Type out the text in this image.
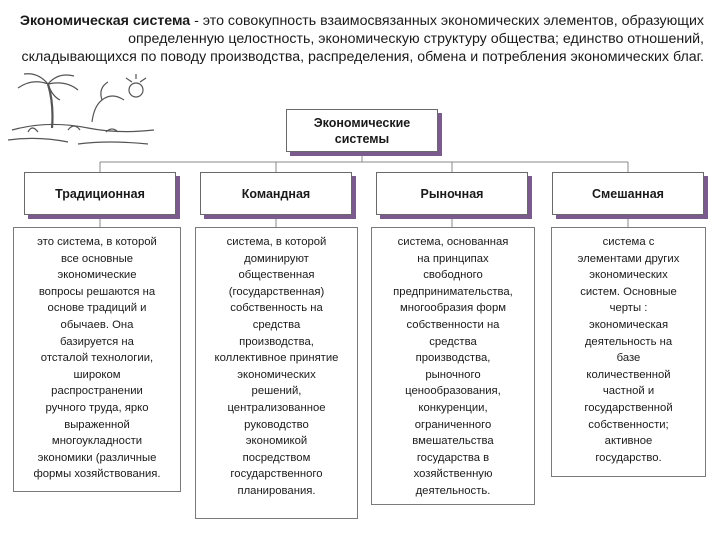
Экономическая система - это совокупность взаимосвязанных экономических элементов, образующих определенную целостность, экономическую структуру общества; единство отношений, складывающихся по поводу производства, распределения, обмена и потребления экономических благ.
Экономические
системы
Традиционная	Командная	Рыночная	Смешанная
это система, в которой
все основные
экономические
вопросы решаются на
основе традиций и
обычаев. Она
базируется на
отсталой технологии,
широком
распространении
ручного труда, ярко
выраженной
многоукладности
экономики (различные
формы хозяйствования.
система, в которой
доминируют
общественная
(государственная)
собственность на
средства
производства,
коллективное принятие
экономических
решений,
централизованное
руководство
экономикой
посредством
государственного
планирования.
система, основанная
на принципах
свободного
предпринимательства,
многообразия форм
собственности на
средства
производства,
рыночного
ценообразования,
конкуренции,
ограниченного
вмешательства
государства в
хозяйственную
деятельность.
система с
элементами других
экономических
систем. Основные
черты :
экономическая
деятельность на
базе
количественной
частной и
государственной
собственности;
активное
государство.
